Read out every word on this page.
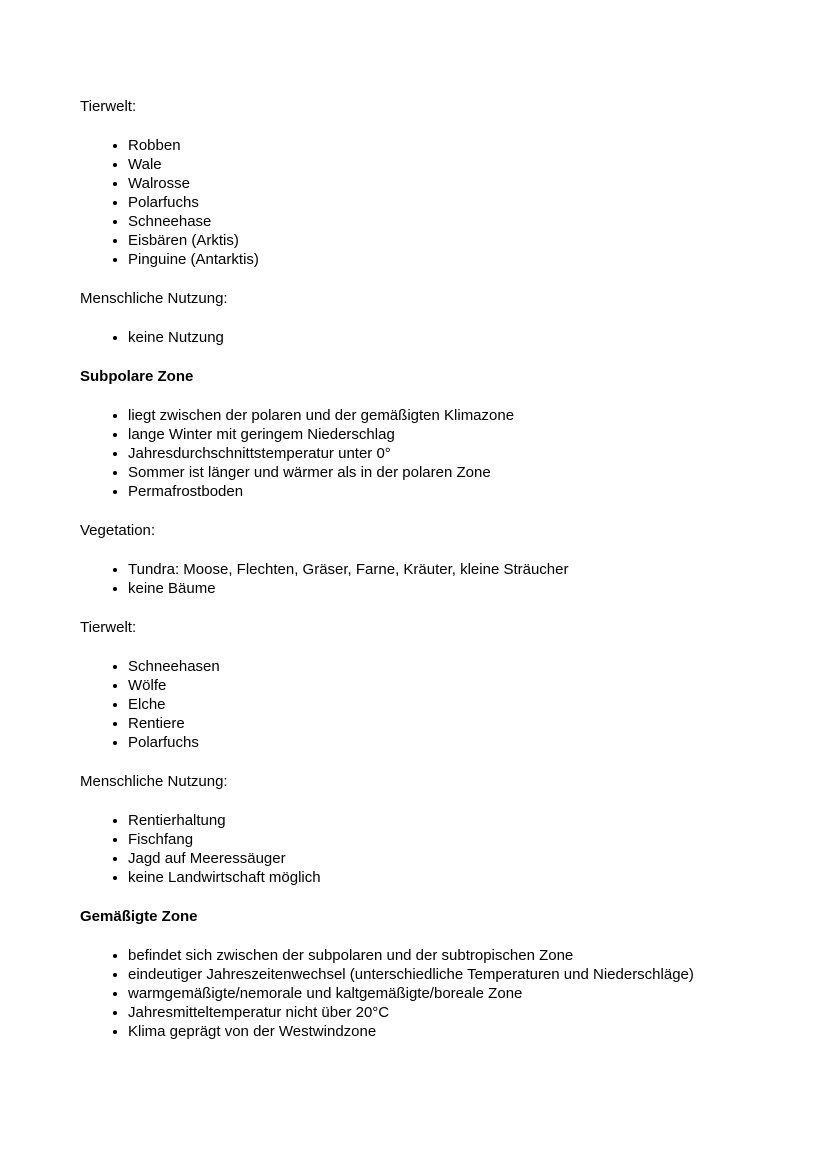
Tierwelt:

• Robben
• Wale
• Walrosse
• Polarfuchs
• Schneehase
• Eisbären (Arktis)
• Pinguine (Antarktis)

Menschliche Nutzung:

• keine Nutzung

Subpolare Zone

• liegt zwischen der polaren und der gemäßigten Klimazone
• lange Winter mit geringem Niederschlag
• Jahresdurchschnittstemperatur unter 0°
• Sommer ist länger und wärmer als in der polaren Zone
• Permafrostboden

Vegetation:

• Tundra: Moose, Flechten, Gräser, Farne, Kräuter, kleine Sträucher
• keine Bäume

Tierwelt:

• Schneehasen
• Wölfe
• Elche
• Rentiere
• Polarfuchs

Menschliche Nutzung:

• Rentierhaltung
• Fischfang
• Jagd auf Meeressäuger
• keine Landwirtschaft möglich

Gemäßigte Zone

• befindet sich zwischen der subpolaren und der subtropischen Zone
• eindeutiger Jahreszeitenwechsel (unterschiedliche Temperaturen und Niederschläge)
• warmgemäßigte/nemorale und kaltgemäßigte/boreale Zone
• Jahresmitteltemperatur nicht über 20°C
• Klima geprägt von der Westwindzone
